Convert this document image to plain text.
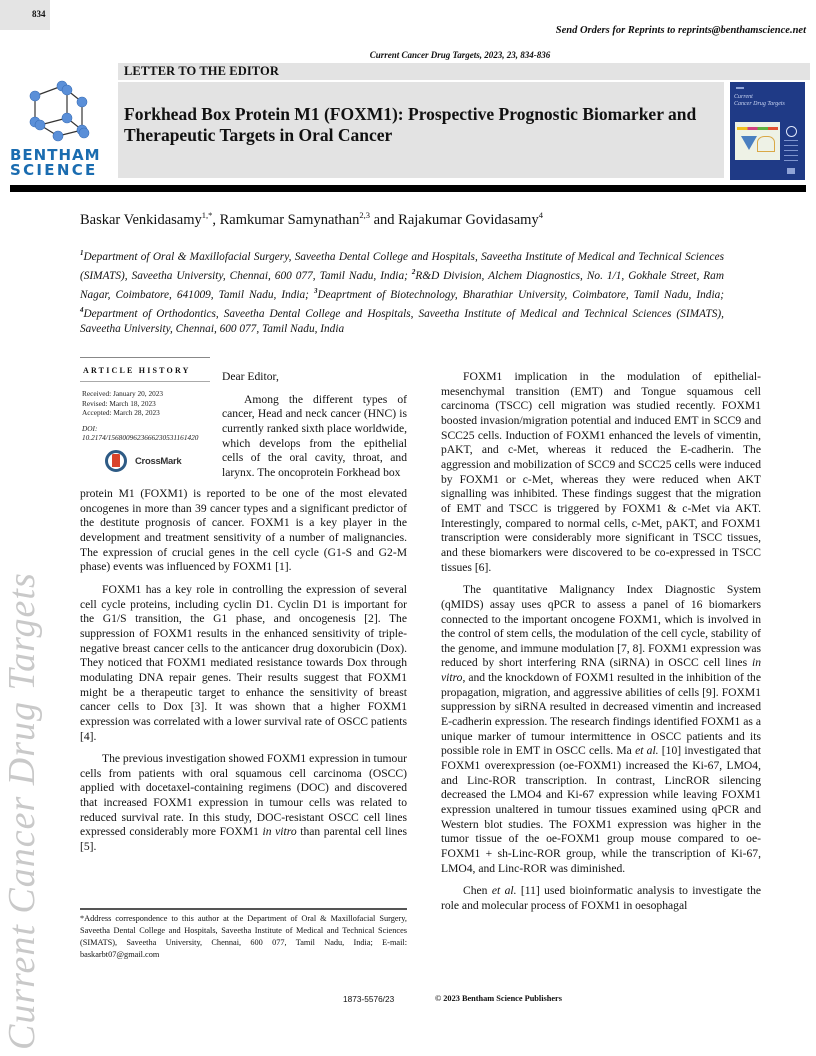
834
Send Orders for Reprints to reprints@benthamscience.net
Current Cancer Drug Targets, 2023, 23, 834-836
LETTER TO THE EDITOR
BENTHAM
SCIENCE
Forkhead Box Protein M1 (FOXM1): Prospective Prognostic Biomarker and Therapeutic Targets in Oral Cancer
Current
Cancer Drug Targets
Baskar Venkidasamy$^{1,*}$, Ramkumar Samynathan$^{2,3}$ and Rajakumar Govidasamy$^4$
$^1$Department of Oral & Maxillofacial Surgery, Saveetha Dental College and Hospitals, Saveetha Institute of Medical and Technical Sciences (SIMATS), Saveetha University, Chennai, 600 077, Tamil Nadu, India; $^2$R&D Division, Alchem Diagnostics, No. 1/1, Gokhale Street, Ram Nagar, Coimbatore, 641009, Tamil Nadu, India; $^3$Deaprtment of Biotechnology, Bharathiar University, Coimbatore, Tamil Nadu, India; $^4$Department of Orthodontics, Saveetha Dental College and Hospitals, Saveetha Institute of Medical and Technical Sciences (SIMATS), Saveetha University, Chennai, 600 077, Tamil Nadu, India
ARTICLE HISTORY
Received: January 20, 2023
Revised: March 18, 2023
Accepted: March 28, 2023
DOI:
10.2174/1568009623666230531161420
CrossMark

Dear Editor,

Among the different types of cancer, Head and neck cancer (HNC) is currently ranked sixth place worldwide, which develops from the epithelial cells of the oral cavity, throat, and larynx. The oncoprotein Forkhead box

protein M1 (FOXM1) is reported to be one of the most elevated oncogenes in more than 39 cancer types and a significant predictor of the destitute prognosis of cancer. FOXM1 is a key player in the development and treatment sensitivity of a number of malignancies. The expression of crucial genes in the cell cycle (G1-S and G2-M phase) events was influenced by FOXM1 [1].

FOXM1 has a key role in controlling the expression of several cell cycle proteins, including cyclin D1. Cyclin D1 is important for the G1/S transition, the G1 phase, and oncogenesis [2]. The suppression of FOXM1 results in the enhanced sensitivity of triple-negative breast cancer cells to the anticancer drug doxorubicin (Dox). They noticed that FOXM1 mediated resistance towards Dox through modulating DNA repair genes. Their results suggest that FOXM1 might be a therapeutic target to enhance the sensitivity of breast cancer cells to Dox [3]. It was shown that a higher FOXM1 expression was correlated with a lower survival rate of OSCC patients [4].

The previous investigation showed FOXM1 expression in tumour cells from patients with oral squamous cell carcinoma (OSCC) applied with docetaxel-containing regimens (DOC) and discovered that increased FOXM1 expression in tumour cells was related to reduced survival rate. In this study, DOC-resistant OSCC cell lines expressed considerably more FOXM1 in vitro than parental cell lines [5].

FOXM1 implication in the modulation of epithelial-mesenchymal transition (EMT) and Tongue squamous cell carcinoma (TSCC) cell migration was studied recently. FOXM1 boosted invasion/migration potential and induced EMT in SCC9 and SCC25 cells. Induction of FOXM1 enhanced the levels of vimentin, pAKT, and c-Met, whereas it reduced the E-cadherin. The aggression and mobilization of SCC9 and SCC25 cells were induced by FOXM1 or c-Met, whereas they were reduced when AKT signalling was inhibited. These findings suggest that the migration of EMT and TSCC is triggered by FOXM1 & c-Met via AKT. Interestingly, compared to normal cells, c-Met, pAKT, and FOXM1 transcription were considerably more significant in TSCC tissues, and these biomarkers were discovered to be co-expressed in TSCC tissues [6].

The quantitative Malignancy Index Diagnostic System (qMIDS) assay uses qPCR to assess a panel of 16 biomarkers connected to the important oncogene FOXM1, which is involved in the control of stem cells, the modulation of the cell cycle, stability of the genome, and immune modulation [7, 8]. FOXM1 expression was reduced by short interfering RNA (siRNA) in OSCC cell lines in vitro, and the knockdown of FOXM1 resulted in the inhibition of the propagation, migration, and aggressive abilities of cells [9]. FOXM1 suppression by siRNA resulted in decreased vimentin and increased E-cadherin expression. The research findings identified FOXM1 as a unique marker of tumour intermittence in OSCC patients and its possible role in EMT in OSCC cells. Ma et al. [10] investigated that FOXM1 overexpression (oe-FOXM1) increased the Ki-67, LMO4, and Linc-ROR transcription. In contrast, LincROR silencing decreased the LMO4 and Ki-67 expression while leaving FOXM1 expression unaltered in tumour tissues examined using qPCR and Western blot studies. The FOXM1 expression was higher in the tumor tissue of the oe-FOXM1 group mouse compared to oe-FOXM1 + sh-Linc-ROR group, while the transcription of Ki-67, LMO4, and Linc-ROR was diminished.

Chen et al. [11] used bioinformatic analysis to investigate the role and molecular process of FOXM1 in oesophagal

*Address correspondence to this author at the Department of Oral & Maxillofacial Surgery, Saveetha Dental College and Hospitals, Saveetha Institute of Medical and Technical Sciences (SIMATS), Saveetha University, Chennai, 600 077, Tamil Nadu, India; E-mail: baskarbt07@gmail.com
1873-5576/23	© 2023 Bentham Science Publishers
Current Cancer Drug Targets
